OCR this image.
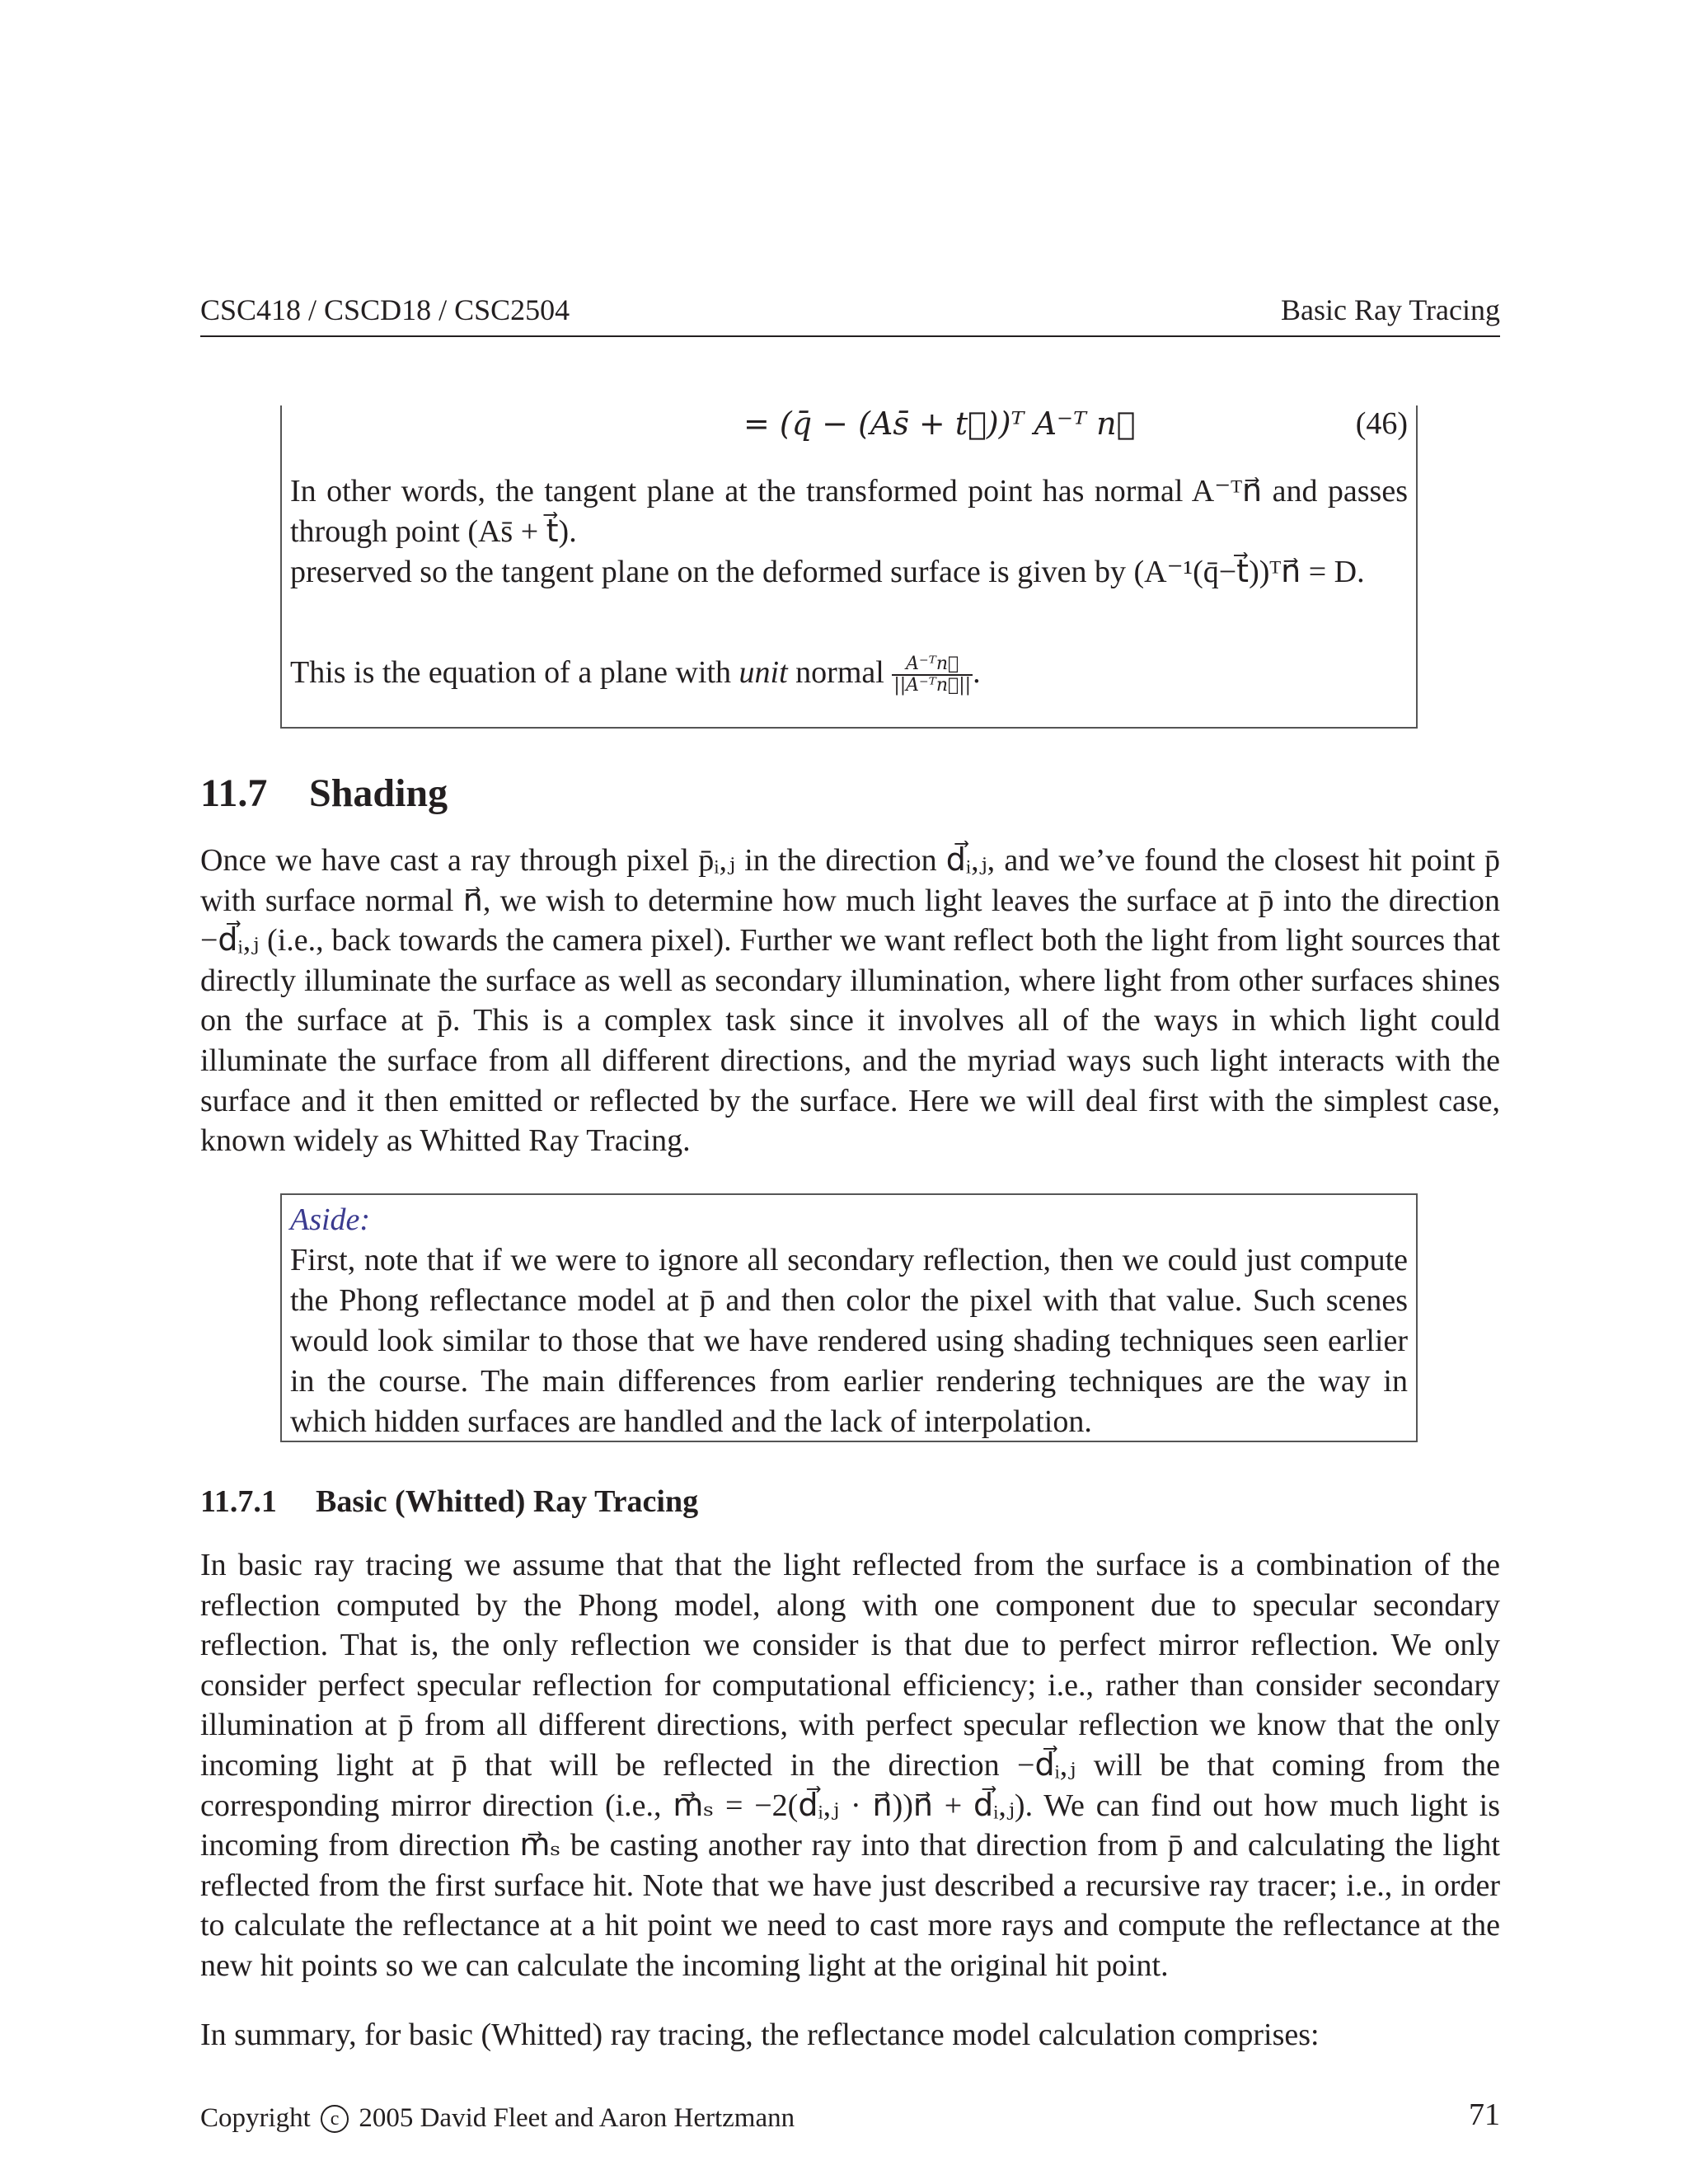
CSC418 / CSCD18 / CSC2504	Basic Ray Tracing
= (q̄ − (As̄ + t⃗))ᵀ A⁻ᵀ n⃗	(46)
In other words, the tangent plane at the transformed point has normal A⁻ᵀn⃗ and passes through point (As̄ + t⃗).
preserved so the tangent plane on the deformed surface is given by (A⁻¹(q̄−t⃗))ᵀn⃗ = D.
This is the equation of a plane with unit normal $\frac{\text{A⁻ᵀn⃗}}{\text{||A⁻ᵀn⃗||}}$ .
11.7 Shading
Once we have cast a ray through pixel p̄ᵢ,ⱼ in the direction d⃗ᵢ,ⱼ, and we’ve found the closest hit point p̄ with surface normal n⃗, we wish to determine how much light leaves the surface at p̄ into the direction −d⃗ᵢ,ⱼ (i.e., back towards the camera pixel). Further we want reflect both the light from light sources that directly illuminate the surface as well as secondary illumination, where light from other surfaces shines on the surface at p̄. This is a complex task since it involves all of the ways in which light could illuminate the surface from all different directions, and the myriad ways such light interacts with the surface and it then emitted or reflected by the surface. Here we will deal first with the simplest case, known widely as Whitted Ray Tracing.
Aside:
First, note that if we were to ignore all secondary reflection, then we could just compute the Phong reflectance model at p̄ and then color the pixel with that value. Such scenes would look similar to those that we have rendered using shading techniques seen earlier in the course. The main differences from earlier rendering techniques are the way in which hidden surfaces are handled and the lack of interpolation.
11.7.1 Basic (Whitted) Ray Tracing
In basic ray tracing we assume that that the light reflected from the surface is a combination of the reflection computed by the Phong model, along with one component due to specular secondary reflection. That is, the only reflection we consider is that due to perfect mirror reflection. We only consider perfect specular reflection for computational efficiency; i.e., rather than consider secondary illumination at p̄ from all different directions, with perfect specular reflection we know that the only incoming light at p̄ that will be reflected in the direction −d⃗ᵢ,ⱼ will be that coming from the corresponding mirror direction (i.e., m⃗ₛ = −2(d⃗ᵢ,ⱼ · n⃗))n⃗ + d⃗ᵢ,ⱼ). We can find out how much light is incoming from direction m⃗ₛ be casting another ray into that direction from p̄ and calculating the light reflected from the first surface hit. Note that we have just described a recursive ray tracer; i.e., in order to calculate the reflectance at a hit point we need to cast more rays and compute the reflectance at the new hit points so we can calculate the incoming light at the original hit point.
In summary, for basic (Whitted) ray tracing, the reflectance model calculation comprises:
Copyright c 2005 David Fleet and Aaron Hertzmann	71
